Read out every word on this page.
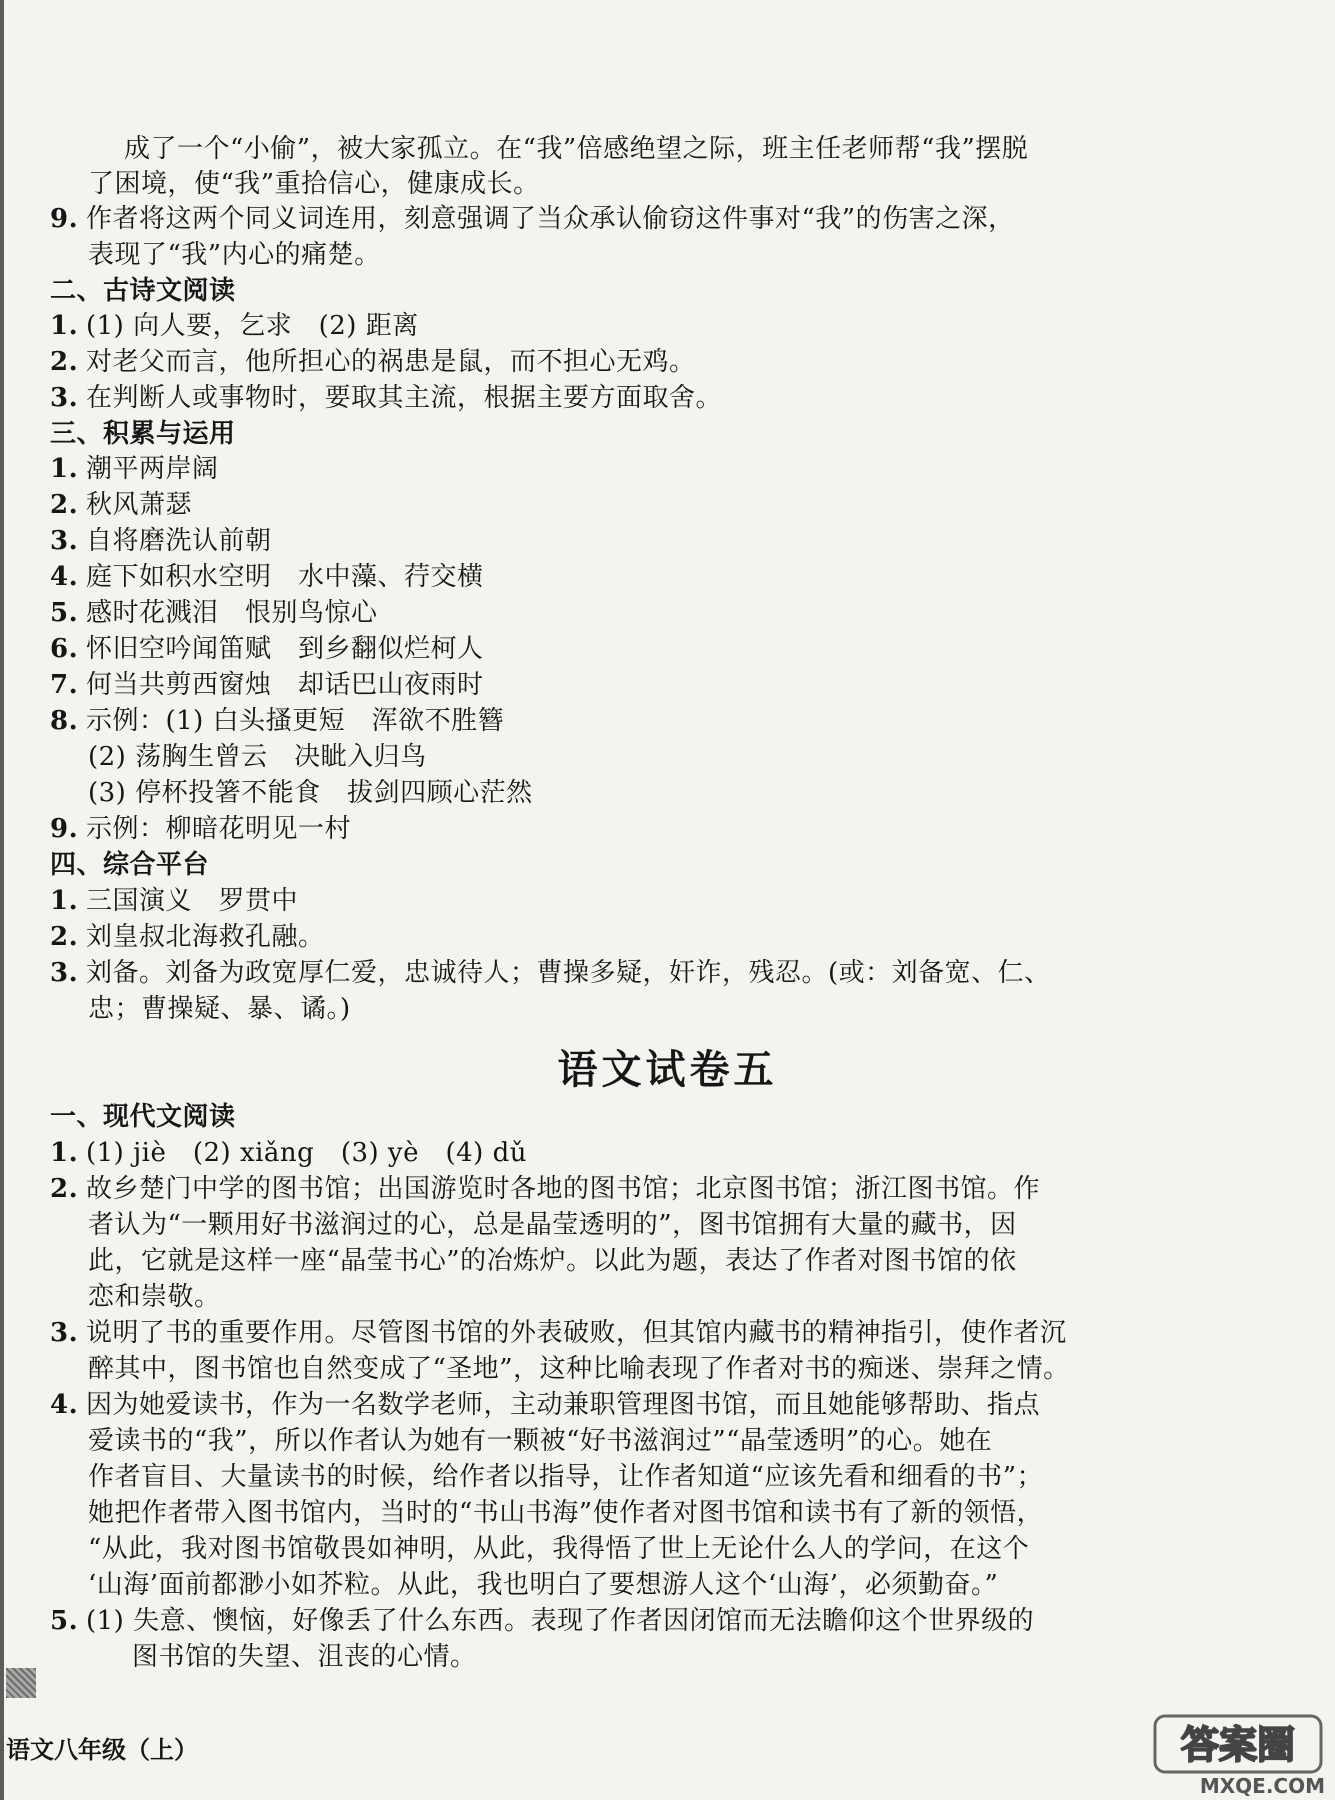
成了一个“小偷”，被大家孤立。在“我”倍感绝望之际，班主任老师帮“我”摆脱
了困境，使“我”重拾信心，健康成长。
9. 作者将这两个同义词连用，刻意强调了当众承认偷窃这件事对“我”的伤害之深，
表现了“我”内心的痛楚。
二、古诗文阅读
1. (1) 向人要，乞求　(2) 距离
2. 对老父而言，他所担心的祸患是鼠，而不担心无鸡。
3. 在判断人或事物时，要取其主流，根据主要方面取舍。
三、积累与运用
1. 潮平两岸阔
2. 秋风萧瑟
3. 自将磨洗认前朝
4. 庭下如积水空明　水中藻、荇交横
5. 感时花溅泪　恨别鸟惊心
6. 怀旧空吟闻笛赋　到乡翻似烂柯人
7. 何当共剪西窗烛　却话巴山夜雨时
8. 示例：(1) 白头搔更短　浑欲不胜簪
(2) 荡胸生曾云　决眦入归鸟
(3) 停杯投箸不能食　拔剑四顾心茫然
9. 示例：柳暗花明见一村
四、综合平台
1. 三国演义　罗贯中
2. 刘皇叔北海救孔融。
3. 刘备。刘备为政宽厚仁爱，忠诚待人；曹操多疑，奸诈，残忍。(或：刘备宽、仁、
忠；曹操疑、暴、谲。)
语文试卷五
一、现代文阅读
1. (1) jiè　(2) xiǎng　(3) yè　(4) dǔ
2. 故乡楚门中学的图书馆；出国游览时各地的图书馆；北京图书馆；浙江图书馆。作
者认为“一颗用好书滋润过的心，总是晶莹透明的”，图书馆拥有大量的藏书，因
此，它就是这样一座“晶莹书心”的冶炼炉。以此为题，表达了作者对图书馆的依
恋和崇敬。
3. 说明了书的重要作用。尽管图书馆的外表破败，但其馆内藏书的精神指引，使作者沉
醉其中，图书馆也自然变成了“圣地”，这种比喻表现了作者对书的痴迷、崇拜之情。
4. 因为她爱读书，作为一名数学老师，主动兼职管理图书馆，而且她能够帮助、指点
爱读书的“我”，所以作者认为她有一颗被“好书滋润过”“晶莹透明”的心。她在
作者盲目、大量读书的时候，给作者以指导，让作者知道“应该先看和细看的书”；
她把作者带入图书馆内，当时的“书山书海”使作者对图书馆和读书有了新的领悟，
“从此，我对图书馆敬畏如神明，从此，我得悟了世上无论什么人的学问，在这个
‘山海’面前都渺小如芥粒。从此，我也明白了要想游人这个‘山海’，必须勤奋。”
5. (1) 失意、懊恼，好像丢了什么东西。表现了作者因闭馆而无法瞻仰这个世界级的
图书馆的失望、沮丧的心情。
语文八年级（上）	答案圈
MXQE.COM
